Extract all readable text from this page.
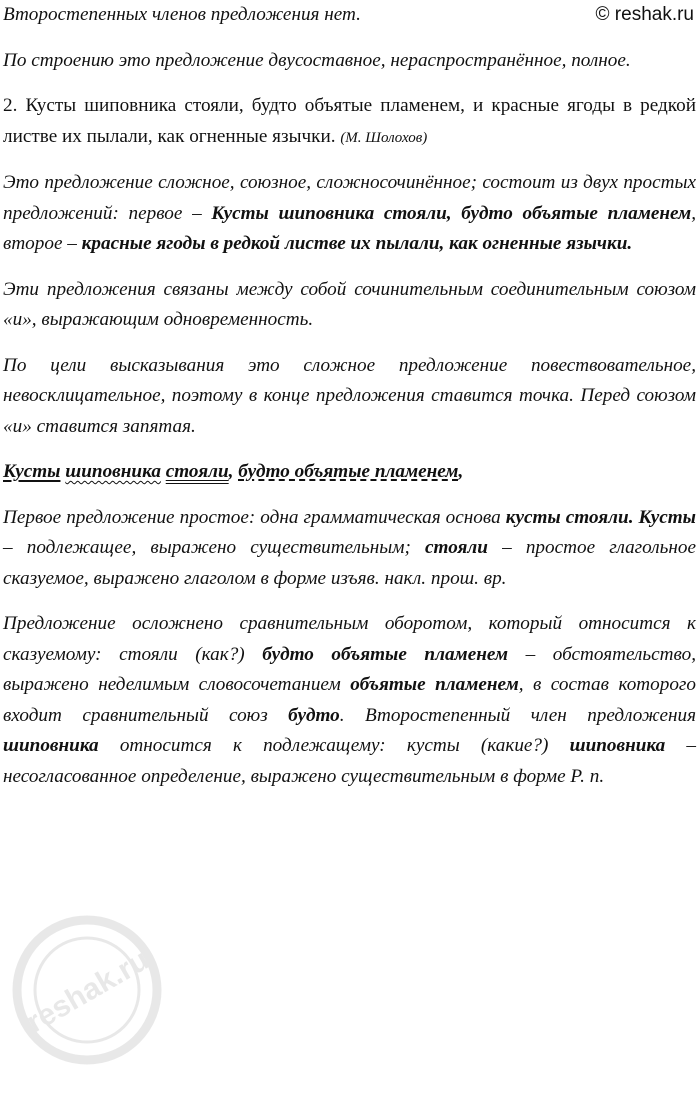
Второстепенных членов предложения нет.	© reshak.ru

По строению это предложение двусоставное, нераспространённое, полное.

2. Кусты шиповника стояли, будто объятые пламенем, и красные ягоды в редкой листве их пылали, как огненные язычки. (М. Шолохов)

Это предложение сложное, союзное, сложносочинённое; состоит из двух простых предложений: первое – Кусты шиповника стояли, будто объятые пламенем, второе – красные ягоды в редкой листве их пылали, как огненные язычки.

Эти предложения связаны между собой сочинительным соединительным союзом «и», выражающим одновременность.

По цели высказывания это сложное предложение повествовательное, невосклицательное, поэтому в конце предложения ставится точка. Перед союзом «и» ставится запятая.

Кусты шиповника стояли, будто объятые пламенем,

Первое предложение простое: одна грамматическая основа кусты стояли. Кусты – подлежащее, выражено существительным; стояли – простое глагольное сказуемое, выражено глаголом в форме изъяв. накл. прош. вр.

Предложение осложнено сравнительным оборотом, который относится к сказуемому: стояли (как?) будто объятые пламенем – обстоятельство, выражено неделимым словосочетанием объятые пламенем, в состав которого входит сравнительный союз будто. Второстепенный член предложения шиповника относится к подлежащему: кусты (какие?) шиповника – несогласованное определение, выражено существительным в форме Р. п.

reshak.ru
